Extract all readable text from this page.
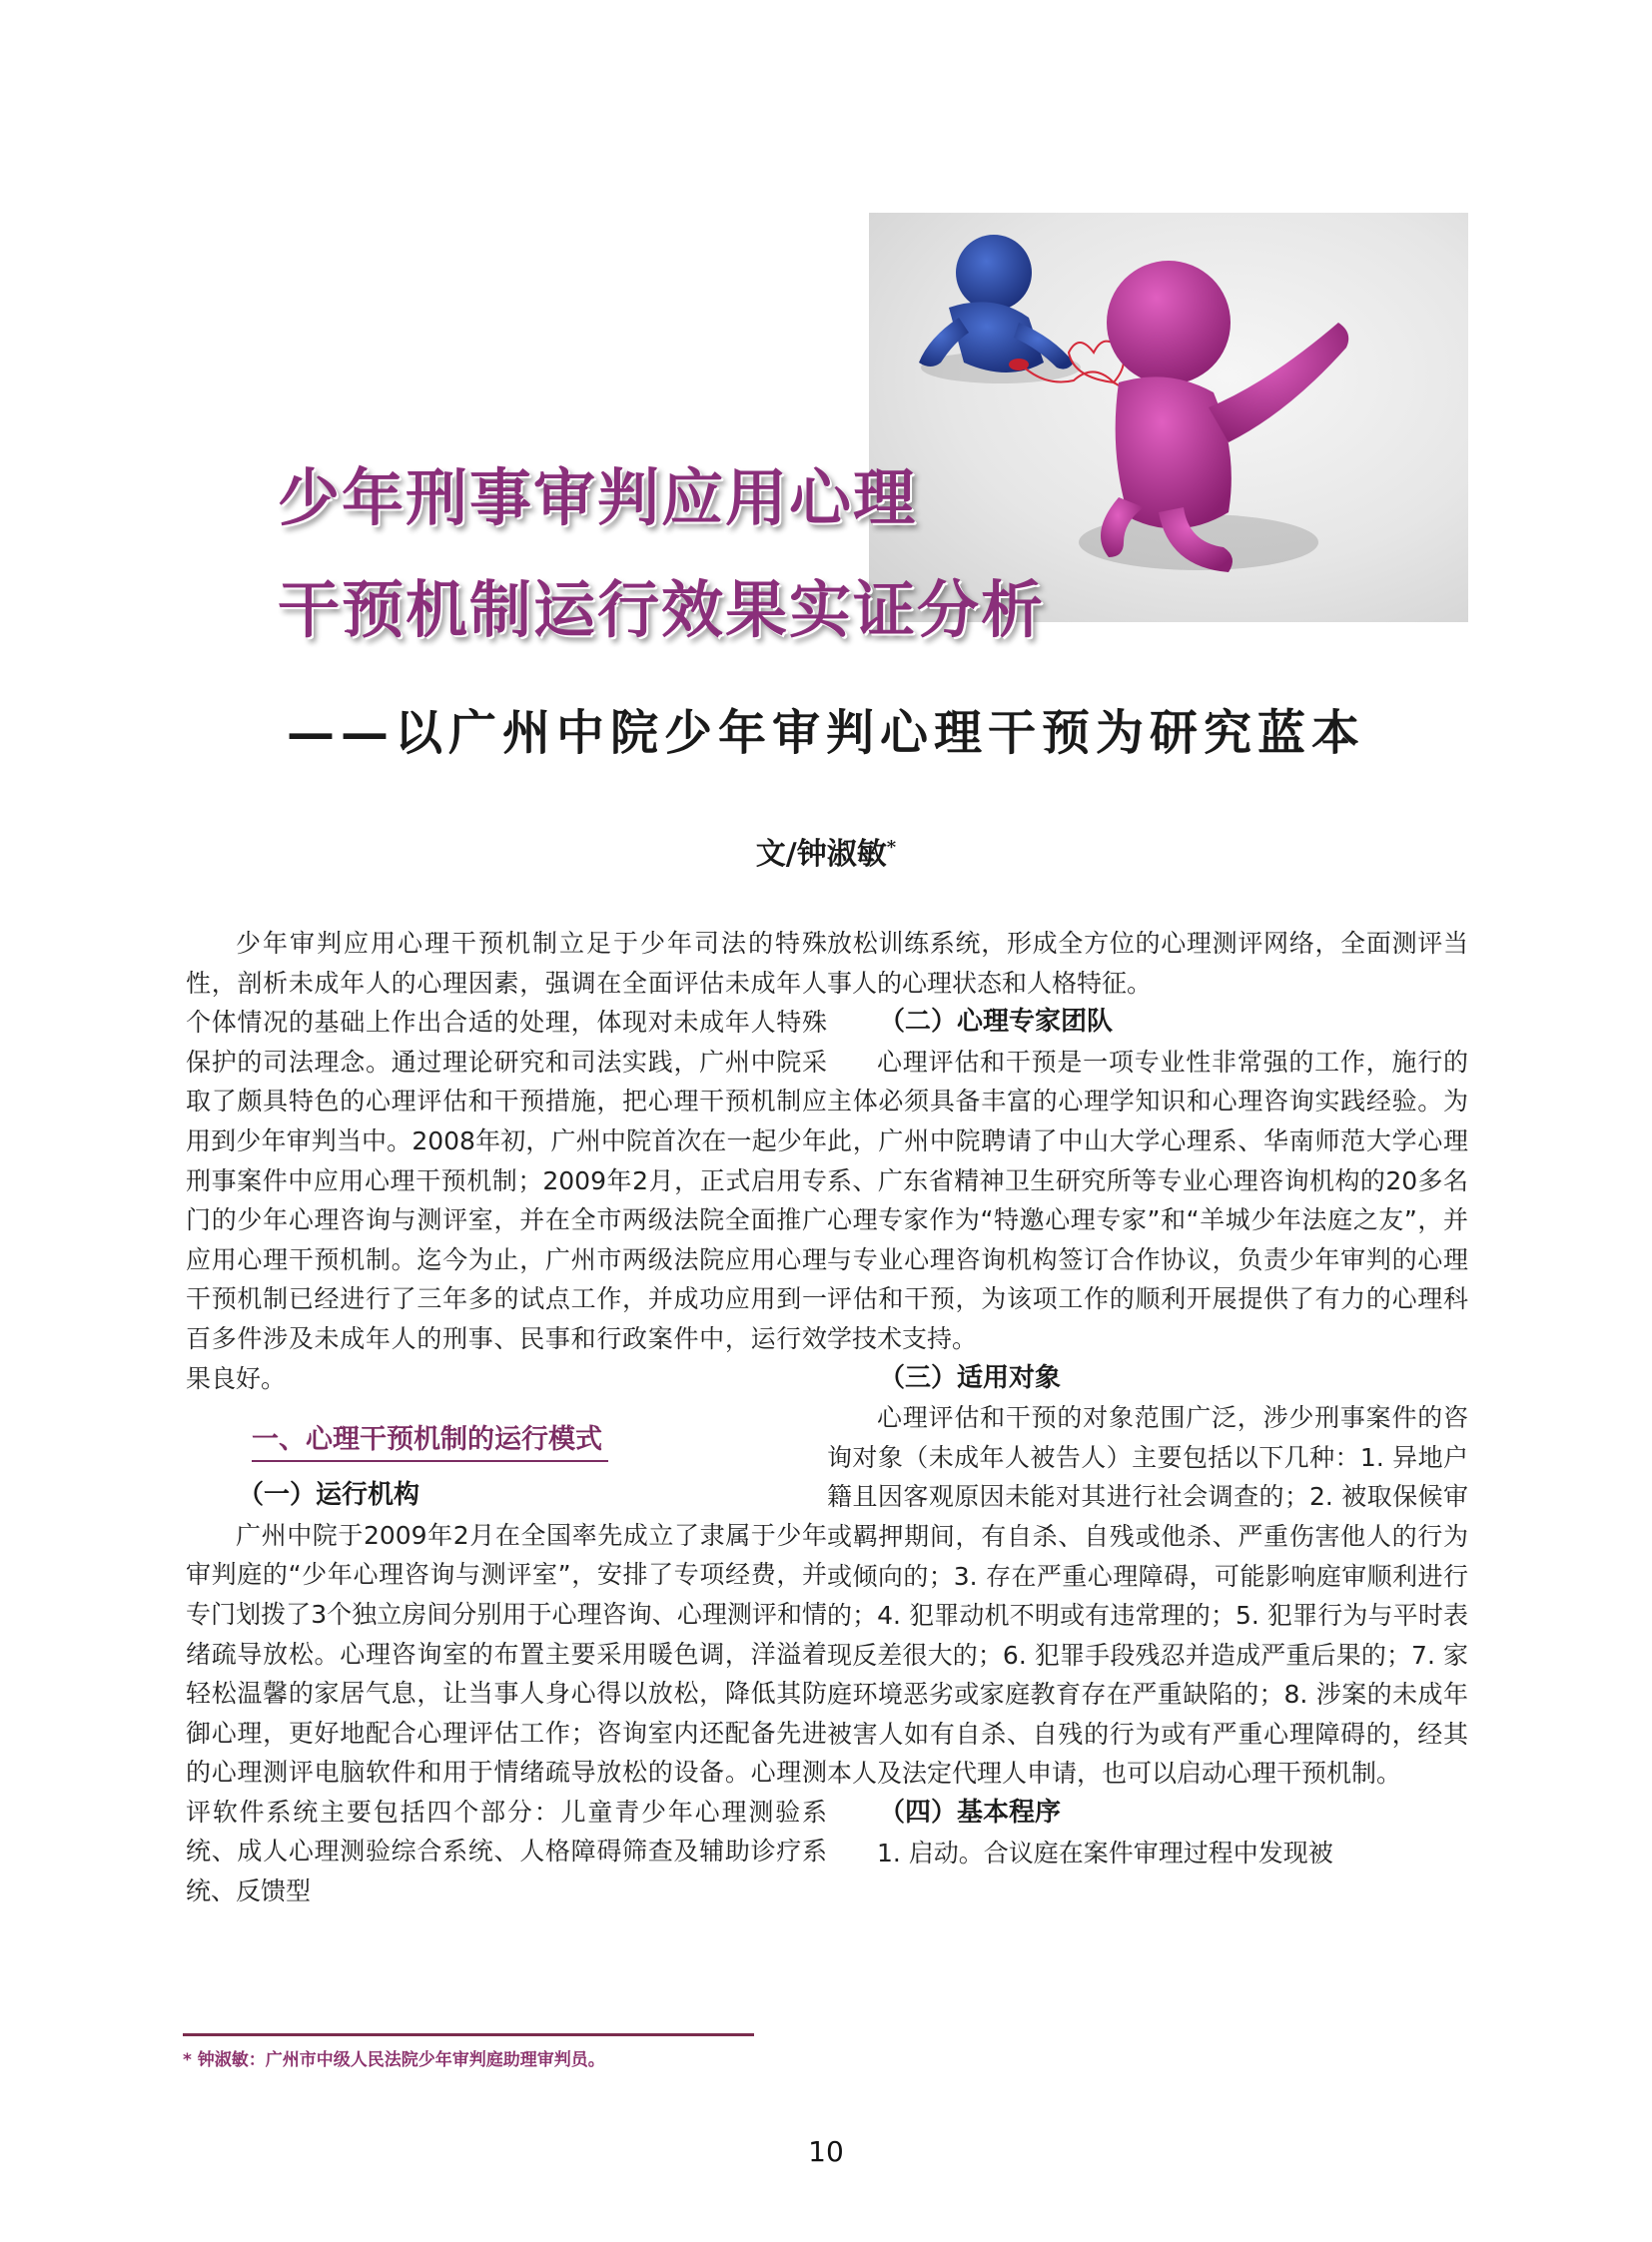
少年刑事审判应用心理
干预机制运行效果实证分析
——以广州中院少年审判心理干预为研究蓝本
文/钟淑敏*

少年审判应用心理干预机制立足于少年司法的特殊性，剖析未成年人的心理因素，强调在全面评估未成年人个体情况的基础上作出合适的处理，体现对未成年人特殊保护的司法理念。通过理论研究和司法实践，广州中院采取了颇具特色的心理评估和干预措施，把心理干预机制应用到少年审判当中。2008年初，广州中院首次在一起少年刑事案件中应用心理干预机制；2009年2月，正式启用专门的少年心理咨询与测评室，并在全市两级法院全面推广应用心理干预机制。迄今为止，广州市两级法院应用心理干预机制已经进行了三年多的试点工作，并成功应用到一百多件涉及未成年人的刑事、民事和行政案件中，运行效果良好。

一、心理干预机制的运行模式
（一）运行机构

广州中院于2009年2月在全国率先成立了隶属于少年审判庭的“少年心理咨询与测评室”，安排了专项经费，并专门划拨了3个独立房间分别用于心理咨询、心理测评和情绪疏导放松。心理咨询室的布置主要采用暖色调，洋溢着轻松温馨的家居气息，让当事人身心得以放松，降低其防御心理，更好地配合心理评估工作；咨询室内还配备先进的心理测评电脑软件和用于情绪疏导放松的设备。心理测评软件系统主要包括四个部分：儿童青少年心理测验系统、成人心理测验综合系统、人格障碍筛查及辅助诊疗系统、反馈型

放松训练系统，形成全方位的心理测评网络，全面测评当事人的心理状态和人格特征。

（二）心理专家团队

心理评估和干预是一项专业性非常强的工作，施行的主体必须具备丰富的心理学知识和心理咨询实践经验。为此，广州中院聘请了中山大学心理系、华南师范大学心理系、广东省精神卫生研究所等专业心理咨询机构的20多名心理专家作为“特邀心理专家”和“羊城少年法庭之友”，并与专业心理咨询机构签订合作协议，负责少年审判的心理评估和干预，为该项工作的顺利开展提供了有力的心理科学技术支持。

（三）适用对象

心理评估和干预的对象范围广泛，涉少刑事案件的咨询对象（未成年人被告人）主要包括以下几种：1. 异地户籍且因客观原因未能对其进行社会调查的；2. 被取保候审或羁押期间，有自杀、自残或他杀、严重伤害他人的行为或倾向的；3. 存在严重心理障碍，可能影响庭审顺利进行的；4. 犯罪动机不明或有违常理的；5. 犯罪行为与平时表现反差很大的；6. 犯罪手段残忍并造成严重后果的；7. 家庭环境恶劣或家庭教育存在严重缺陷的；8. 涉案的未成年被害人如有自杀、自残的行为或有严重心理障碍的，经其本人及法定代理人申请，也可以启动心理干预机制。

（四）基本程序

1. 启动。合议庭在案件审理过程中发现被

* 钟淑敏：广州市中级人民法院少年审判庭助理审判员。
10
